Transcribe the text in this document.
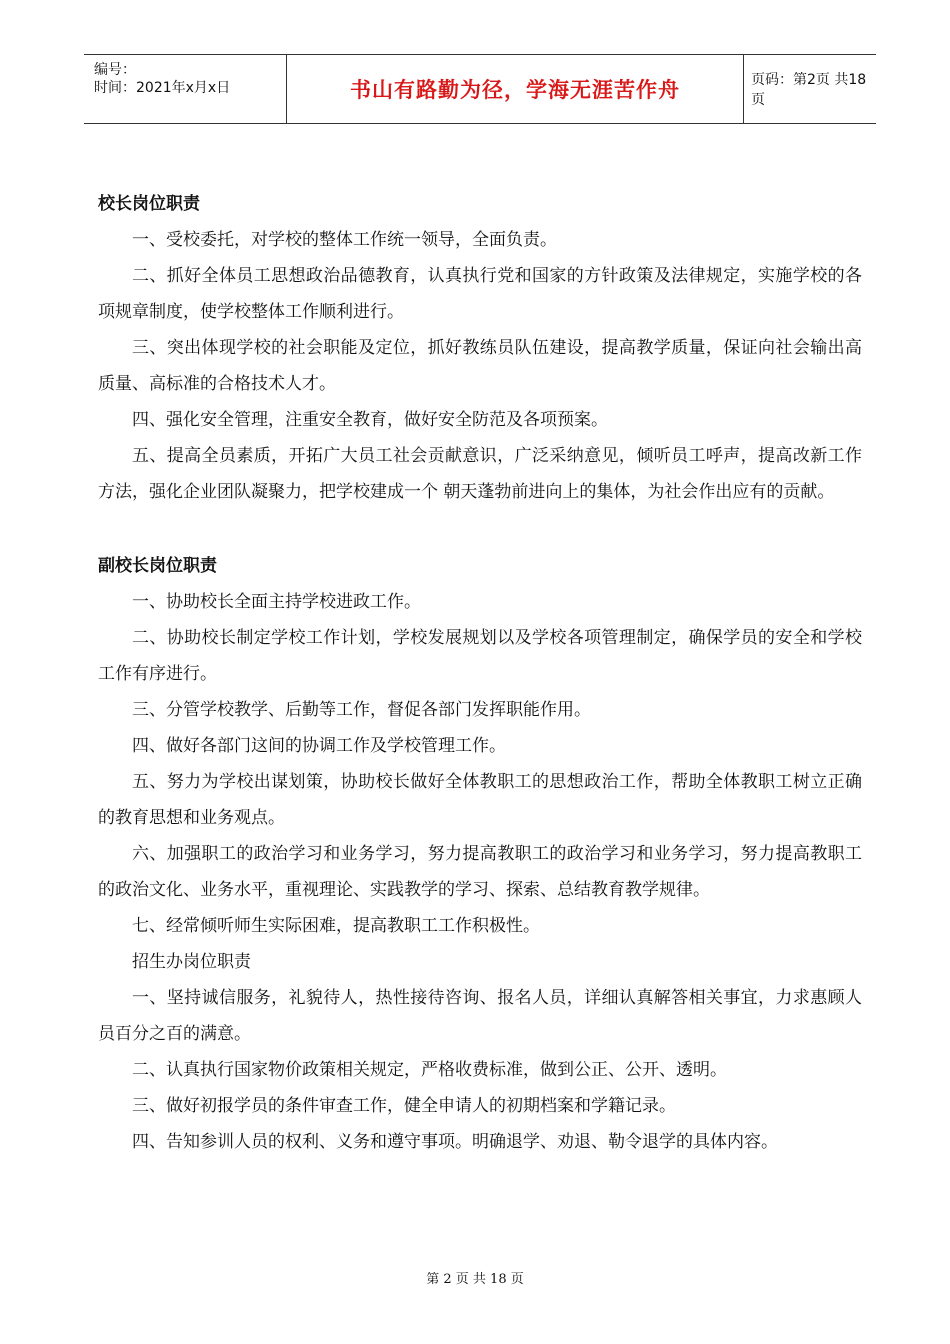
编号：
时间：2021年x月x日	书山有路勤为径，学海无涯苦作舟	页码：第2页 共18页
校长岗位职责

一、受校委托，对学校的整体工作统一领导，全面负责。

二、抓好全体员工思想政治品德教育，认真执行党和国家的方针政策及法律规定，实施学校的各项规章制度，使学校整体工作顺利进行。

三、突出体现学校的社会职能及定位，抓好教练员队伍建设，提高教学质量，保证向社会输出高质量、高标准的合格技术人才。

四、强化安全管理，注重安全教育，做好安全防范及各项预案。

五、提高全员素质，开拓广大员工社会贡献意识，广泛采纳意见，倾听员工呼声，提高改新工作方法，强化企业团队凝聚力，把学校建成一个 朝天蓬勃前进向上的集体，为社会作出应有的贡献。

副校长岗位职责

一、协助校长全面主持学校进政工作。

二、协助校长制定学校工作计划，学校发展规划以及学校各项管理制定，确保学员的安全和学校工作有序进行。

三、分管学校教学、后勤等工作，督促各部门发挥职能作用。

四、做好各部门这间的协调工作及学校管理工作。

五、努力为学校出谋划策，协助校长做好全体教职工的思想政治工作，帮助全体教职工树立正确的教育思想和业务观点。

六、加强职工的政治学习和业务学习，努力提高教职工的政治学习和业务学习，努力提高教职工的政治文化、业务水平，重视理论、实践教学的学习、探索、总结教育教学规律。

七、经常倾听师生实际困难，提高教职工工作积极性。

招生办岗位职责

一、坚持诚信服务，礼貌待人，热性接待咨询、报名人员，详细认真解答相关事宜，力求惠顾人员百分之百的满意。

二、认真执行国家物价政策相关规定，严格收费标准，做到公正、公开、透明。

三、做好初报学员的条件审查工作，健全申请人的初期档案和学籍记录。

四、告知参训人员的权利、义务和遵守事项。明确退学、劝退、勒令退学的具体内容。

第 2 页 共 18 页
